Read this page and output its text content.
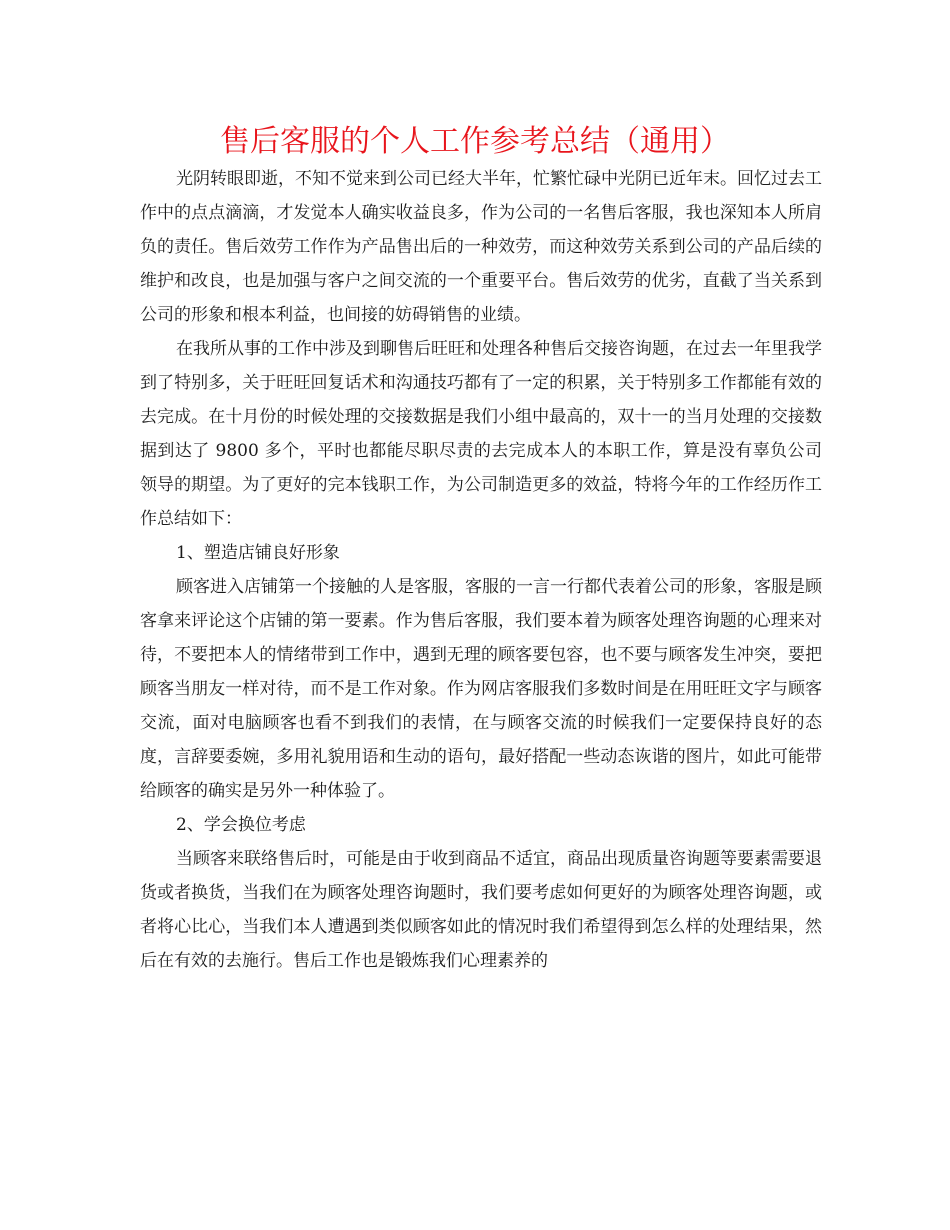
售后客服的个人工作参考总结（通用）

光阴转眼即逝，不知不觉来到公司已经大半年，忙繁忙碌中光阴已近年末。回忆过去工作中的点点滴滴，才发觉本人确实收益良多，作为公司的一名售后客服，我也深知本人所肩负的责任。售后效劳工作作为产品售出后的一种效劳，而这种效劳关系到公司的产品后续的维护和改良，也是加强与客户之间交流的一个重要平台。售后效劳的优劣，直截了当关系到公司的形象和根本利益，也间接的妨碍销售的业绩。

在我所从事的工作中涉及到聊售后旺旺和处理各种售后交接咨询题，在过去一年里我学到了特别多，关于旺旺回复话术和沟通技巧都有了一定的积累，关于特别多工作都能有效的去完成。在十月份的时候处理的交接数据是我们小组中最高的，双十一的当月处理的交接数据到达了 9800 多个，平时也都能尽职尽责的去完成本人的本职工作，算是没有辜负公司领导的期望。为了更好的完本钱职工作，为公司制造更多的效益，特将今年的工作经历作工作总结如下：

1、塑造店铺良好形象

顾客进入店铺第一个接触的人是客服，客服的一言一行都代表着公司的形象，客服是顾客拿来评论这个店铺的第一要素。作为售后客服，我们要本着为顾客处理咨询题的心理来对待，不要把本人的情绪带到工作中，遇到无理的顾客要包容，也不要与顾客发生冲突，要把顾客当朋友一样对待，而不是工作对象。作为网店客服我们多数时间是在用旺旺文字与顾客交流，面对电脑顾客也看不到我们的表情，在与顾客交流的时候我们一定要保持良好的态度，言辞要委婉，多用礼貌用语和生动的语句，最好搭配一些动态诙谐的图片，如此可能带给顾客的确实是另外一种体验了。

2、学会换位考虑

当顾客来联络售后时，可能是由于收到商品不适宜，商品出现质量咨询题等要素需要退货或者换货，当我们在为顾客处理咨询题时，我们要考虑如何更好的为顾客处理咨询题，或者将心比心，当我们本人遭遇到类似顾客如此的情况时我们希望得到怎么样的处理结果，然后在有效的去施行。售后工作也是锻炼我们心理素养的
